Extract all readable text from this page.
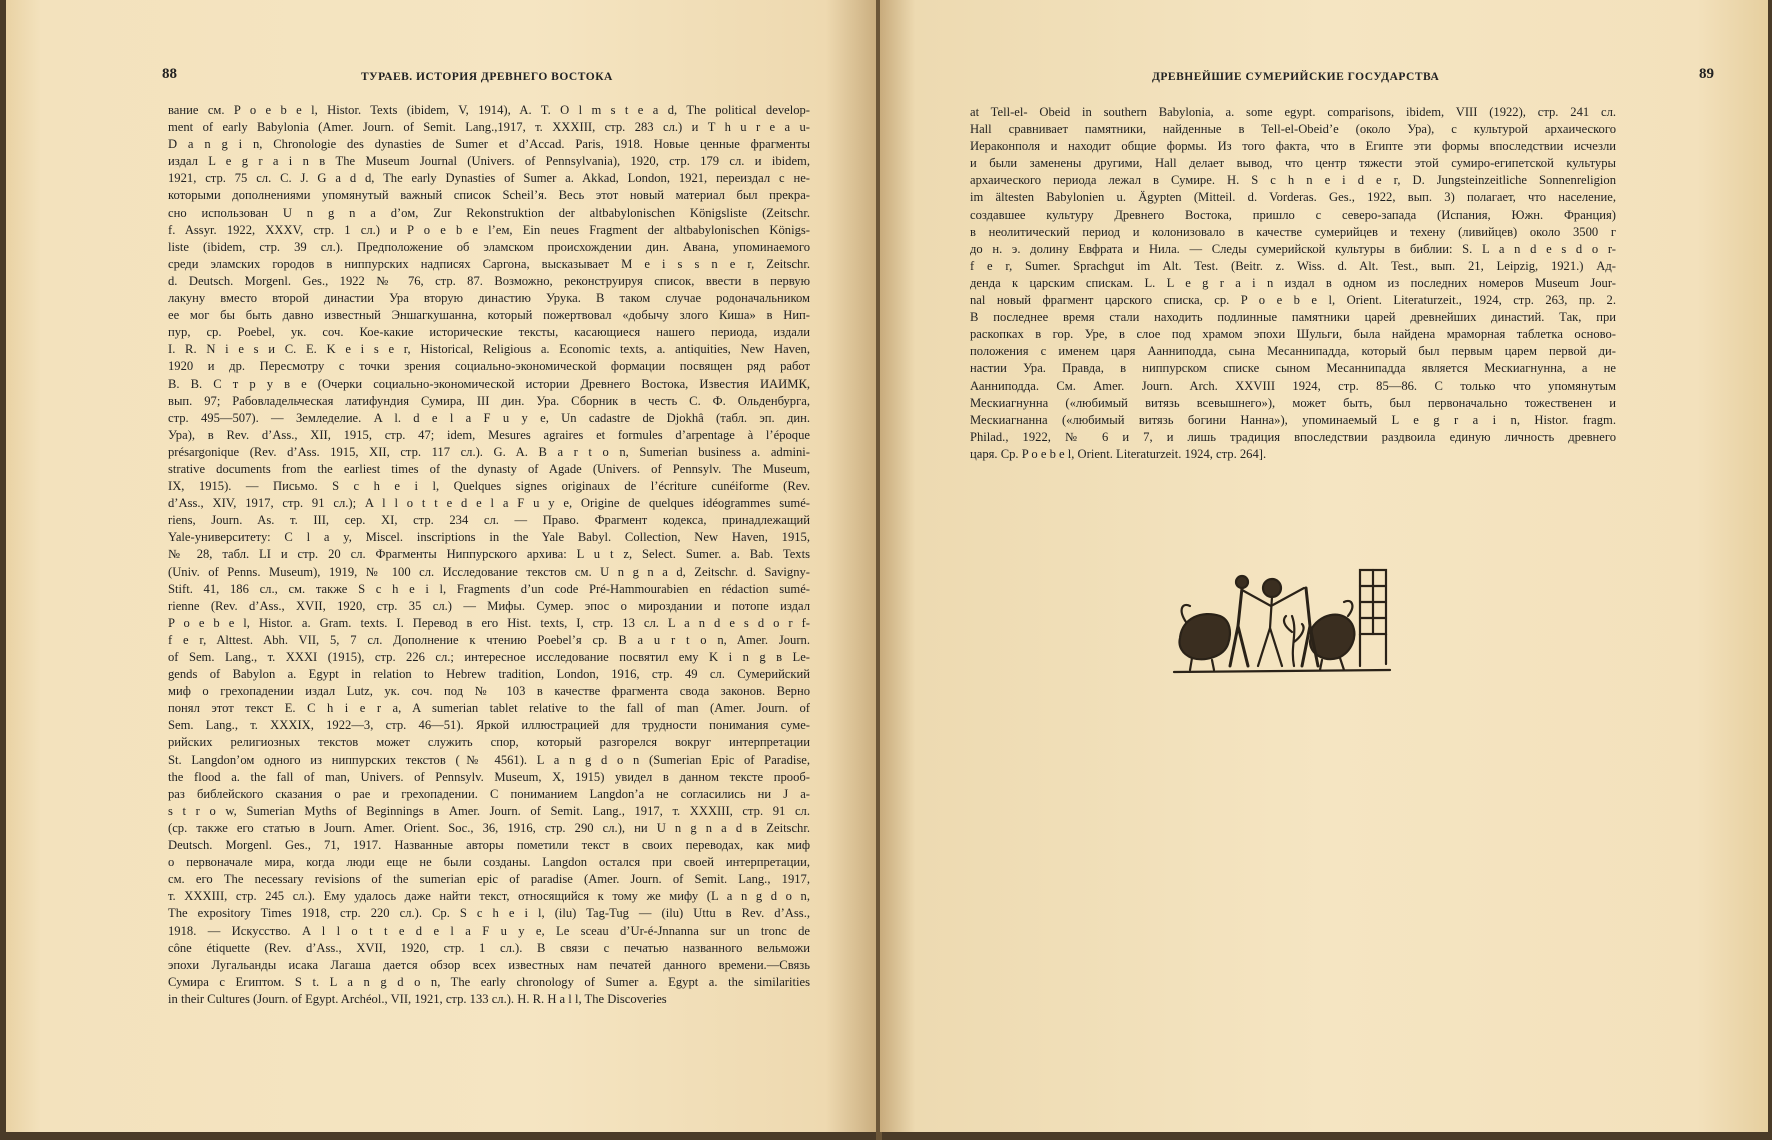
88	ТУРАЕВ. ИСТОРИЯ ДРЕВНЕГО ВОСТОКА
вание см. P o e b e l, Histor. Texts (ibidem, V, 1914), A. T. O l m s t e a d, The political develop-
ment of early Babylonia (Amer. Journ. of Semit. Lang.,1917, т. XXXIII, стр. 283 сл.) и T h u r e a u-
D a n g i n, Chronologie des dynasties de Sumer et d’Accad. Paris, 1918. Новые ценные фрагменты
издал L e g r a i n в The Museum Journal (Univers. of Pennsylvania), 1920, стр. 179 сл. и ibidem,
1921, стр. 75 сл. C. J. G a d d, The early Dynasties of Sumer a. Akkad, London, 1921, переиздал с не-
которыми дополнениями упомянутый важный список Scheil’я. Весь этот новый материал был прекра-
сно использован U n g n a d’ом, Zur Rekonstruktion der altbabylonischen Königsliste (Zeitschr.
f. Assyr. 1922, XXXV, стр. 1 сл.) и P o e b e l’ем, Ein neues Fragment der altbabylonischen Königs-
liste (ibidem, стр. 39 сл.). Предположение об эламском происхождении дин. Авана, упоминаемого
среди эламских городов в ниппурских надписях Саргона, высказывает M e i s s n e r, Zeitschr.
d. Deutsch. Morgenl. Ges., 1922 № 76, стр. 87. Возможно, реконструируя список, ввести в первую
лакуну вместо второй династии Ура вторую династию Урука. В таком случае родоначальником
ее мог бы быть давно известный Эншагкушанна, который пожертвовал «добычу злого Киша» в Нип-
пур, ср. Poebel, ук. соч. Кое-какие исторические тексты, касающиеся нашего периода, издали
I. R. N i e s и C. E. K e i s e r, Historical, Religious a. Economic texts, a. antiquities, New Haven,
1920 и др. Пересмотру с точки зрения социально-экономической формации посвящен ряд работ
В. В. С т р у в е (Очерки социально-экономической истории Древнего Востока, Известия ИАИМК,
вып. 97; Рабовладельческая латифундия Сумира, III дин. Ура. Сборник в честь С. Ф. Ольденбурга,
стр. 495—507). — Земледелие. A l. d e l a F u y e, Un cadastre de Djokhâ (табл. эп. дин.
Ура), в Rev. d’Ass., XII, 1915, стр. 47; idem, Mesures agraires et formules d’arpentage à l’époque
présargonique (Rev. d’Ass. 1915, XII, стр. 117 сл.). G. A. B a r t o n, Sumerian business a. admini-
strative documents from the earliest times of the dynasty of Agade (Univers. of Pennsylv. The Museum,
IX, 1915). — Письмо. S c h e i l, Quelques signes originaux de l’écriture cunéiforme (Rev.
d’Ass., XIV, 1917, стр. 91 сл.); A l l o t t e d e l a F u y e, Origine de quelques idéogrammes sumé-
riens, Journ. As. т. III, сер. XI, стр. 234 сл. — Право. Фрагмент кодекса, принадлежащий
Yale-университету: C l a y, Miscel. inscriptions in the Yale Babyl. Collection, New Haven, 1915,
№ 28, табл. LI и стр. 20 сл. Фрагменты Ниппурского архива: L u t z, Select. Sumer. a. Bab. Texts
(Univ. of Penns. Museum), 1919, № 100 сл. Исследование текстов см. U n g n a d, Zeitschr. d. Savigny-
Stift. 41, 186 сл., см. также S c h e i l, Fragments d’un code Pré-Hammourabien en rédaction sumé-
rienne (Rev. d’Ass., XVII, 1920, стр. 35 сл.) — Мифы. Сумер. эпос о мироздании и потопе издал
P o e b e l, Histor. a. Gram. texts. I. Перевод в его Hist. texts, I, стр. 13 сл. L a n d e s d o r f-
f e r, Alttest. Abh. VII, 5, 7 сл. Дополнение к чтению Poebel’я ср. B a u r t o n, Amer. Journ.
of Sem. Lang., т. XXXI (1915), стр. 226 сл.; интересное исследование посвятил ему K i n g в Le-
gends of Babylon a. Egypt in relation to Hebrew tradition, London, 1916, стр. 49 сл. Сумерийский
миф о грехопадении издал Lutz, ук. соч. под № 103 в качестве фрагмента свода законов. Верно
понял этот текст E. C h i e r a, A sumerian tablet relative to the fall of man (Amer. Journ. of
Sem. Lang., т. XXXIX, 1922—3, стр. 46—51). Яркой иллюстрацией для трудности понимания суме-
рийских религиозных текстов может служить спор, который разгорелся вокруг интерпретации
St. Langdon’ом одного из ниппурских текстов (№ 4561). L a n g d o n (Sumerian Epic of Paradise,
the flood a. the fall of man, Univers. of Pennsylv. Museum, X, 1915) увидел в данном тексте прооб-
раз библейского сказания о рае и грехопадении. С пониманием Langdon’а не согласились ни J a-
s t r o w, Sumerian Myths of Beginnings в Amer. Journ. of Semit. Lang., 1917, т. XXXIII, стр. 91 сл.
(ср. также его статью в Journ. Amer. Orient. Soc., 36, 1916, стр. 290 сл.), ни U n g n a d в Zeitschr.
Deutsch. Morgenl. Ges., 71, 1917. Названные авторы пометили текст в своих переводах, как миф
о первоначале мира, когда люди еще не были созданы. Langdon остался при своей интерпретации,
см. его The necessary revisions of the sumerian epic of paradise (Amer. Journ. of Semit. Lang., 1917,
т. XXXIII, стр. 245 сл.). Ему удалось даже найти текст, относящийся к тому же мифу (L a n g d o n,
The expository Times 1918, стр. 220 сл.). Ср. S c h e i l, (ilu) Tag-Tug — (ilu) Uttu в Rev. d’Ass.,
1918. — Искусство. A l l o t t e d e l a F u y e, Le sceau d’Ur-é-Jnnanna sur un tronc de
cône étiquette (Rev. d’Ass., XVII, 1920, стр. 1 сл.). В связи с печатью названного вельможи
эпохи Лугальанды исака Лагаша дается обзор всех известных нам печатей данного времени.—Связь
Сумира с Египтом. S t. L a n g d o n, The early chronology of Sumer a. Egypt a. the similarities
in their Cultures (Journ. of Egypt. Archéol., VII, 1921, стр. 133 сл.). H. R. H a l l, The Discoveries
89
ДРЕВНЕЙШИЕ СУМЕРИЙСКИЕ ГОСУДАРСТВА
at Tell-el- Obeid in southern Babylonia, a. some egypt. comparisons, ibidem, VIII (1922), стр. 241 сл.
Hall сравнивает памятники, найденные в Tell-el-Obeid’e (около Ура), с культурой архаического
Иераконполя и находит общие формы. Из того факта, что в Египте эти формы впоследствии исчезли
и были заменены другими, Hall делает вывод, что центр тяжести этой сумиро-египетской культуры
архаического периода лежал в Сумире. H. S c h n e i d e r, D. Jungsteinzeitliche Sonnenreligion
im ältesten Babylonien u. Ägypten (Mitteil. d. Vorderas. Ges., 1922, вып. 3) полагает, что население,
создавшее культуру Древнего Востока, пришло с северо-запада (Испания, Южн. Франция)
в неолитический период и колонизовало в качестве сумерийцев и техену (ливийцев) около 3500 г
до н. э. долину Евфрата и Нила. — Следы сумерийской культуры в библии: S. L a n d e s d o r-
f e r, Sumer. Sprachgut im Alt. Test. (Beitr. z. Wiss. d. Alt. Test., вып. 21, Leipzig, 1921.) Ад-
денда к царским спискам. L. L e g r a i n издал в одном из последних номеров Museum Jour-
nal новый фрагмент царского списка, ср. P o e b e l, Orient. Literaturzeit., 1924, стр. 263, пр. 2.
В последнее время стали находить подлинные памятники царей древнейших династий. Так, при
раскопках в гор. Уре, в слое под храмом эпохи Шульги, была найдена мраморная таблетка осново-
положения с именем царя Аанниподда, сына Месаннипадда, который был первым царем первой ди-
настии Ура. Правда, в ниппурском списке сыном Месаннипадда является Мескиагнунна, а не
Аанниподда. См. Amer. Journ. Arch. XXVIII 1924, стр. 85—86. С только что упомянутым
Мескиагнунна («любимый витязь всевышнего»), может быть, был первоначально тожественен и
Мескиагнанна («любимый витязь богини Нанна»), упоминаемый L e g r a i n, Histor. fragm.
Philad., 1922, № 6 и 7, и лишь традиция впоследствии раздвоила единую личность древнего
царя. Ср. P o e b e l, Orient. Literaturzeit. 1924, стр. 264].
